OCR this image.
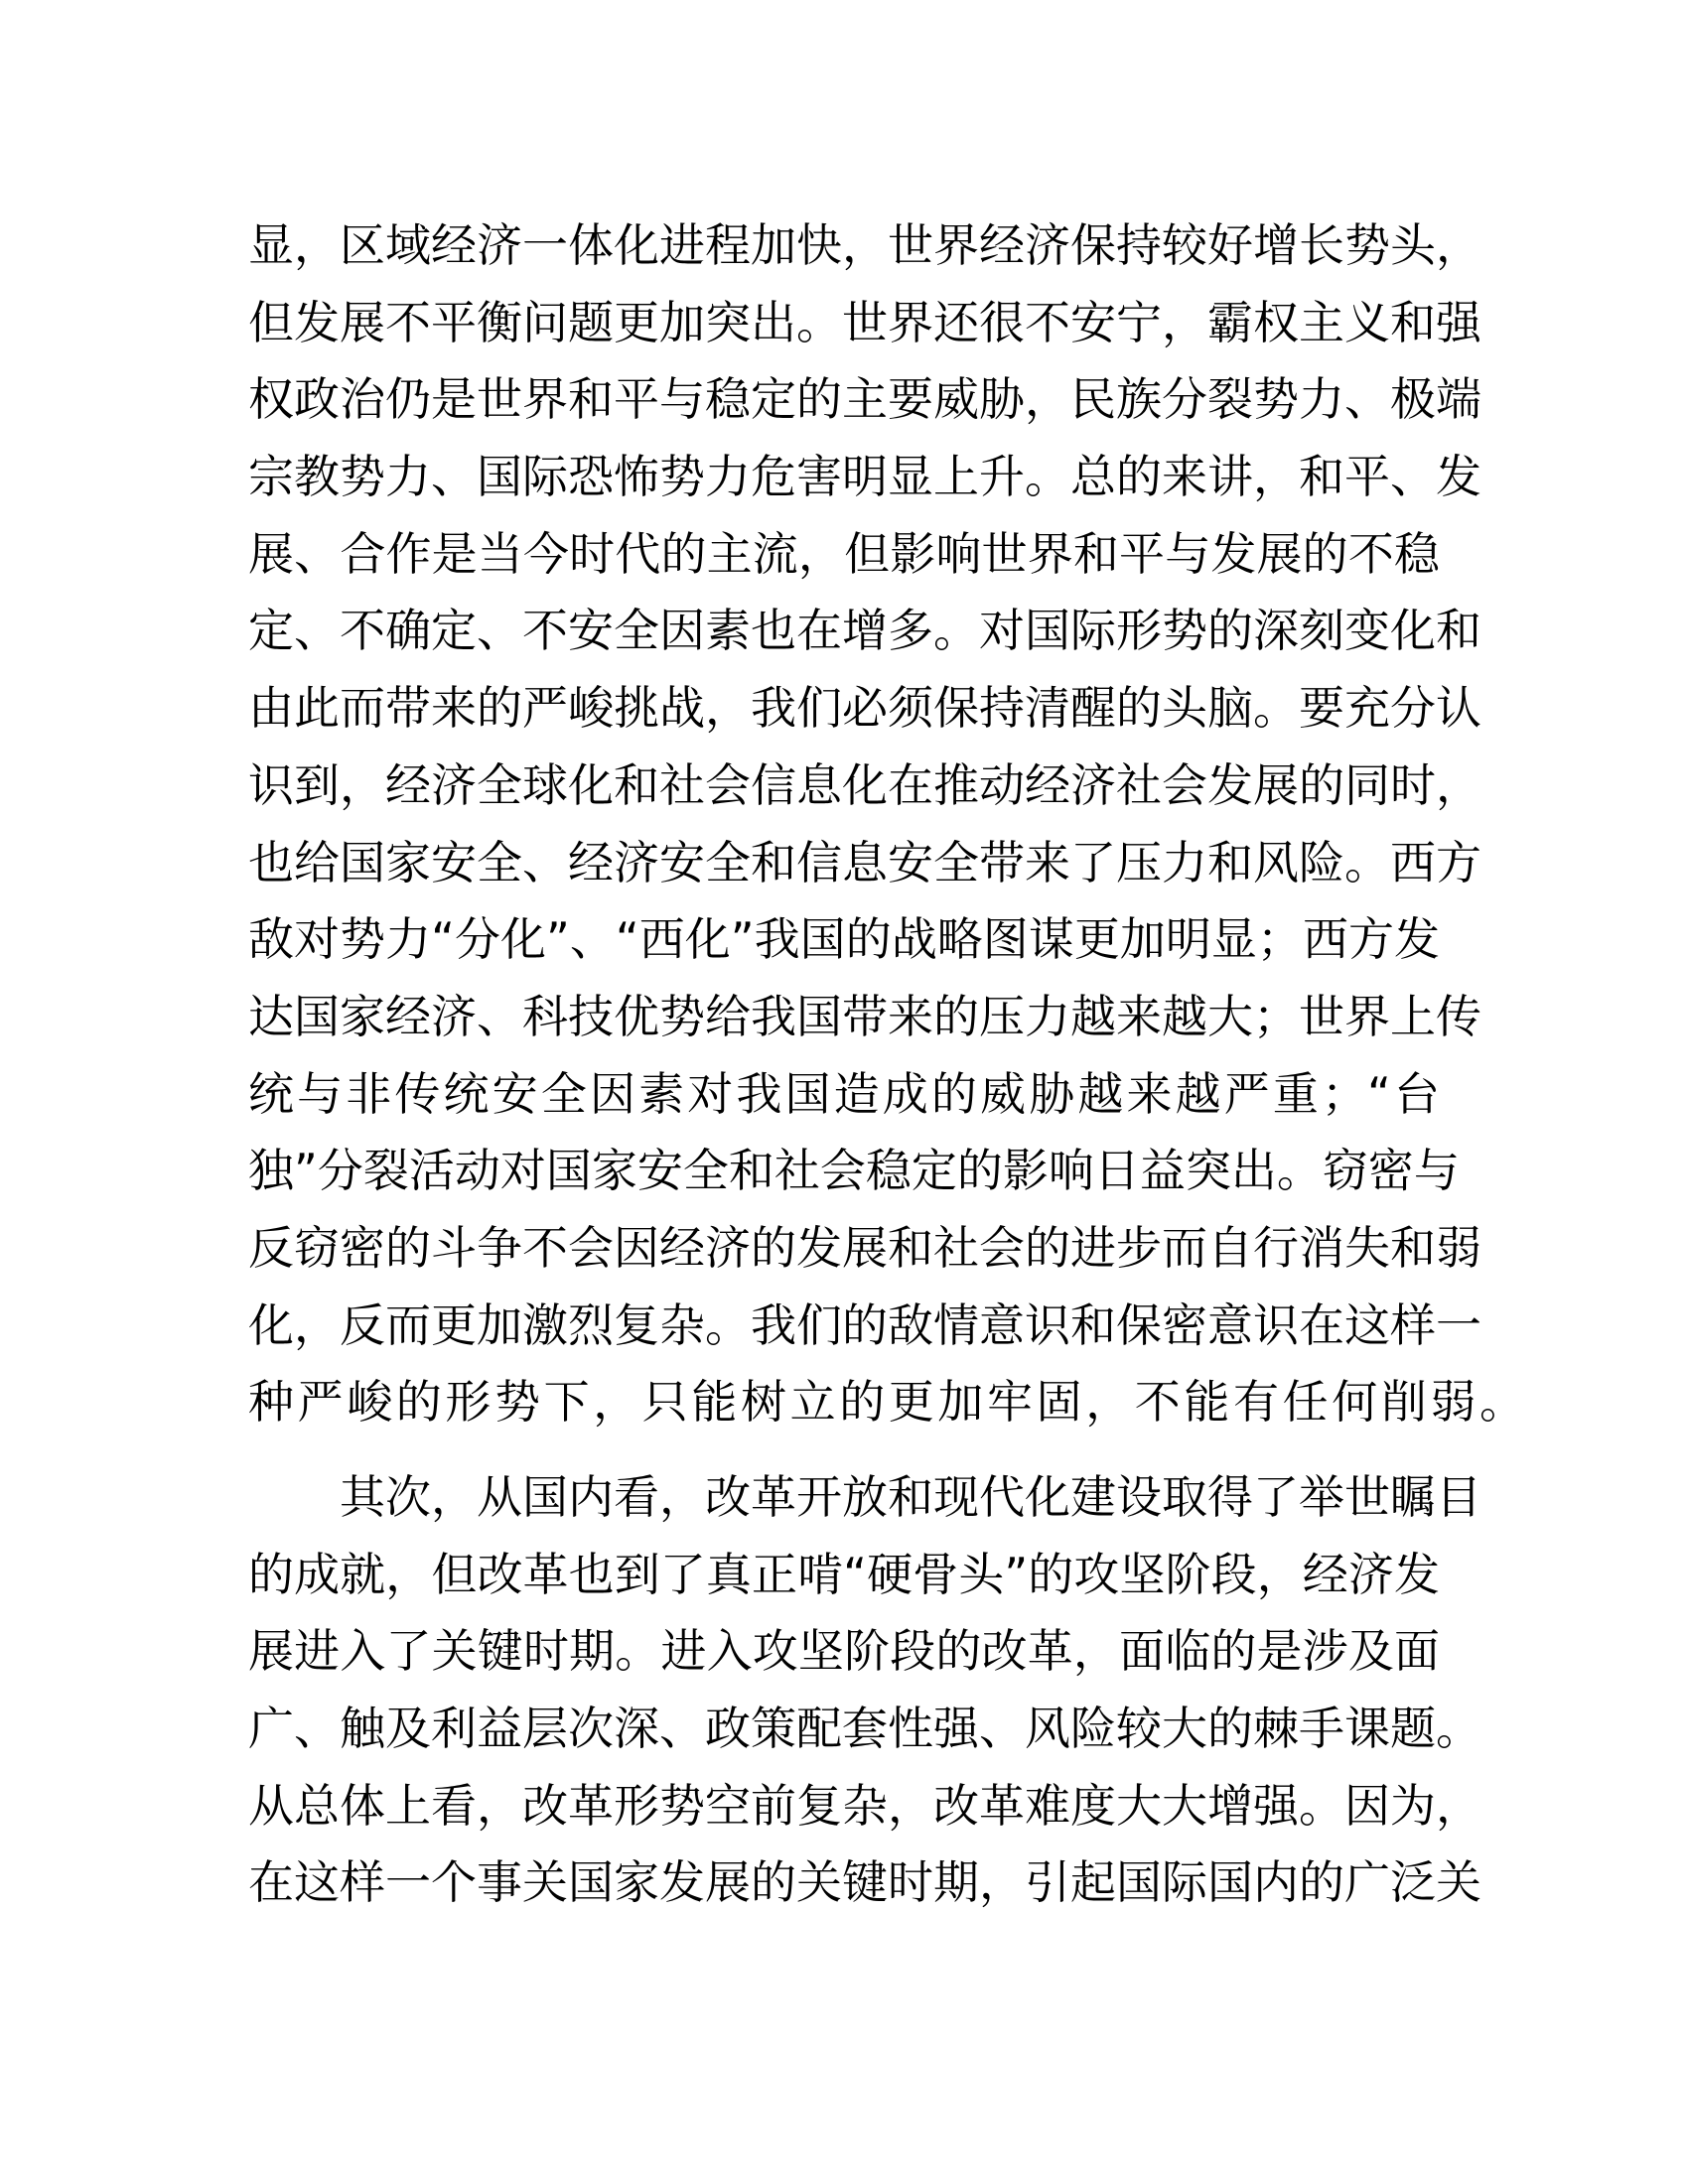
显，区域经济一体化进程加快，世界经济保持较好增长势头，
但发展不平衡问题更加突出。世界还很不安宁，霸权主义和强
权政治仍是世界和平与稳定的主要威胁，民族分裂势力、极端
宗教势力、国际恐怖势力危害明显上升。总的来讲，和平、发
展、合作是当今时代的主流，但影响世界和平与发展的不稳
定、不确定、不安全因素也在增多。对国际形势的深刻变化和
由此而带来的严峻挑战，我们必须保持清醒的头脑。要充分认
识到，经济全球化和社会信息化在推动经济社会发展的同时，
也给国家安全、经济安全和信息安全带来了压力和风险。西方
敌对势力“分化”、“西化”我国的战略图谋更加明显；西方发
达国家经济、科技优势给我国带来的压力越来越大；世界上传
统与非传统安全因素对我国造成的威胁越来越严重；“台
独”分裂活动对国家安全和社会稳定的影响日益突出。窃密与
反窃密的斗争不会因经济的发展和社会的进步而自行消失和弱
化，反而更加激烈复杂。我们的敌情意识和保密意识在这样一
种严峻的形势下，只能树立的更加牢固，不能有任何削弱。
其次，从国内看，改革开放和现代化建设取得了举世瞩目
的成就，但改革也到了真正啃“硬骨头”的攻坚阶段，经济发
展进入了关键时期。进入攻坚阶段的改革，面临的是涉及面
广、触及利益层次深、政策配套性强、风险较大的棘手课题。
从总体上看，改革形势空前复杂，改革难度大大增强。因为，
在这样一个事关国家发展的关键时期，引起国际国内的广泛关
